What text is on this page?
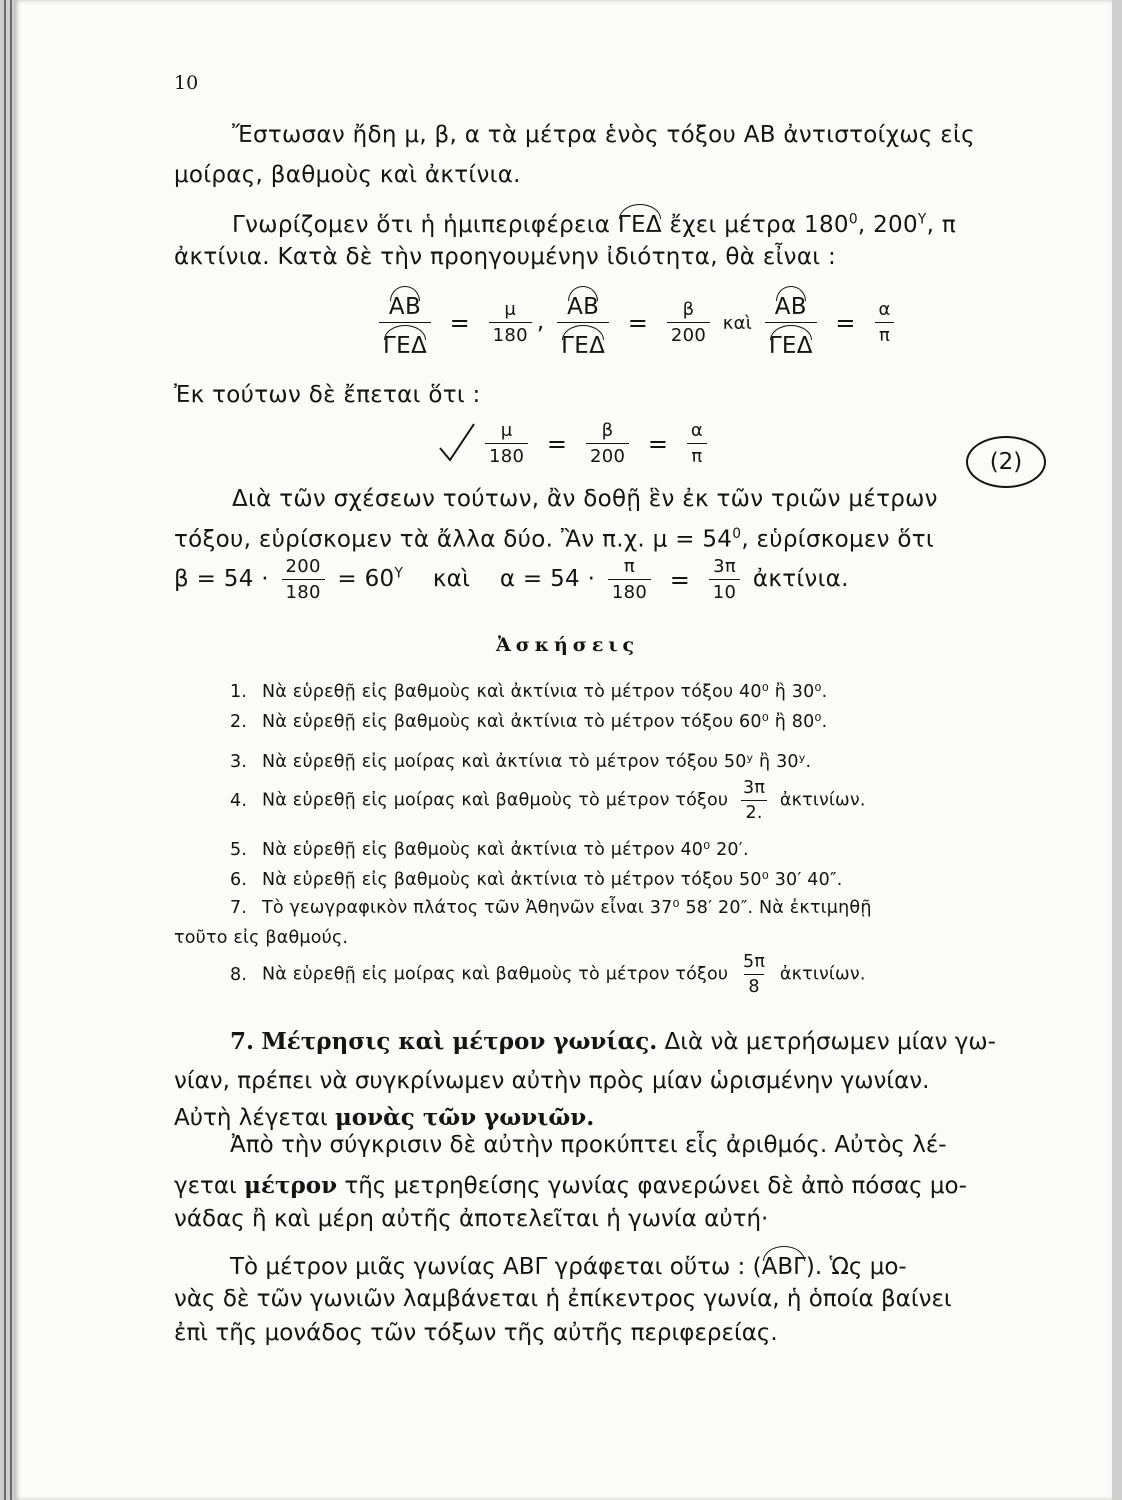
10
Ἔστωσαν ἤδη μ, β, α τὰ μέτρα ἑνὸς τόξου ΑΒ ἀντιστοίχως εἰς
μοίρας, βαθμοὺς καὶ ἀκτίνια.
Γνωρίζομεν ὅτι ἡ ἡμιπεριφέρεια ΓΕΔ ἔχει μέτρα $180^0$, $200^Y$, π
ἀκτίνια. Κατὰ δὲ τὴν προηγουμένην ἰδιότητα, θὰ εἶναι :
$\frac{AB}{\text{ΓΕΔ}} = \frac{\mu}{180}$ , $\frac{AB}{\text{ΓΕΔ}} = \frac{\beta}{200}$ καὶ $\frac{AB}{\text{ΓΕΔ}} = \frac{\alpha}{\pi}$
Ἐκ τούτων δὲ ἔπεται ὅτι :
$\frac{\mu}{180} = \frac{\beta}{200} = \frac{\alpha}{\pi}$	(2)
Διὰ τῶν σχέσεων τούτων, ἂν δοθῇ ἓν ἐκ τῶν τριῶν μέτρων
τόξου, εὑρίσκομεν τὰ ἄλλα δύο. Ἂν π.χ. $\mu = 54^0$, εὑρίσκομεν ὅτι
$\beta = 54 \cdot \frac{200}{180} = 60^Y$ καὶ $\alpha = 54 \cdot \frac{\pi}{180} = \frac{3\pi}{10}$ ἀκτίνια.
Ἀσκήσεις
1. Νὰ εὑρεθῇ εἰς βαθμοὺς καὶ ἀκτίνια τὸ μέτρον τόξου 40⁰ ἢ 30⁰.
2. Νὰ εὑρεθῇ εἰς βαθμοὺς καὶ ἀκτίνια τὸ μέτρον τόξου 60⁰ ἢ 80⁰.
3. Νὰ εὑρεθῇ εἰς μοίρας καὶ ἀκτίνια τὸ μέτρον τόξου 50ʸ ἢ 30ʸ.
4. Νὰ εὑρεθῇ εἰς μοίρας καὶ βαθμοὺς τὸ μέτρον τόξου $\frac{3\pi}{2.}$ ἀκτινίων.
5. Νὰ εὑρεθῇ εἰς βαθμοὺς καὶ ἀκτίνια τὸ μέτρον 40⁰ 20′.
6. Νὰ εὑρεθῇ εἰς βαθμοὺς καὶ ἀκτίνια τὸ μέτρον τόξου 50⁰ 30′ 40″.
7. Τὸ γεωγραφικὸν πλάτος τῶν Ἀθηνῶν εἶναι 37⁰ 58′ 20″. Νὰ ἐκτιμηθῇ
τοῦτο εἰς βαθμούς.
8. Νὰ εὑρεθῇ εἰς μοίρας καὶ βαθμοὺς τὸ μέτρον τόξου $\frac{5\pi}{8}$ ἀκτινίων.
7. Μέτρησις καὶ μέτρον γωνίας. Διὰ νὰ μετρήσωμεν μίαν γω-
νίαν, πρέπει νὰ συγκρίνωμεν αὐτὴν πρὸς μίαν ὡρισμένην γωνίαν.
Αὐτὴ λέγεται μονὰς τῶν γωνιῶν.
Ἀπὸ τὴν σύγκρισιν δὲ αὐτὴν προκύπτει εἷς ἀριθμός. Αὐτὸς λέ-
γεται μέτρον τῆς μετρηθείσης γωνίας φανερώνει δὲ ἀπὸ πόσας μο-
νάδας ἢ καὶ μέρη αὐτῆς ἀποτελεῖται ἡ γωνία αὐτή·
Τὸ μέτρον μιᾶς γωνίας ΑΒΓ γράφεται οὕτω : (ΑΒΓ). Ὡς μο-
νὰς δὲ τῶν γωνιῶν λαμβάνεται ἡ ἐπίκεντρος γωνία, ἡ ὁποία βαίνει
ἐπὶ τῆς μονάδος τῶν τόξων τῆς αὐτῆς περιφερείας.
